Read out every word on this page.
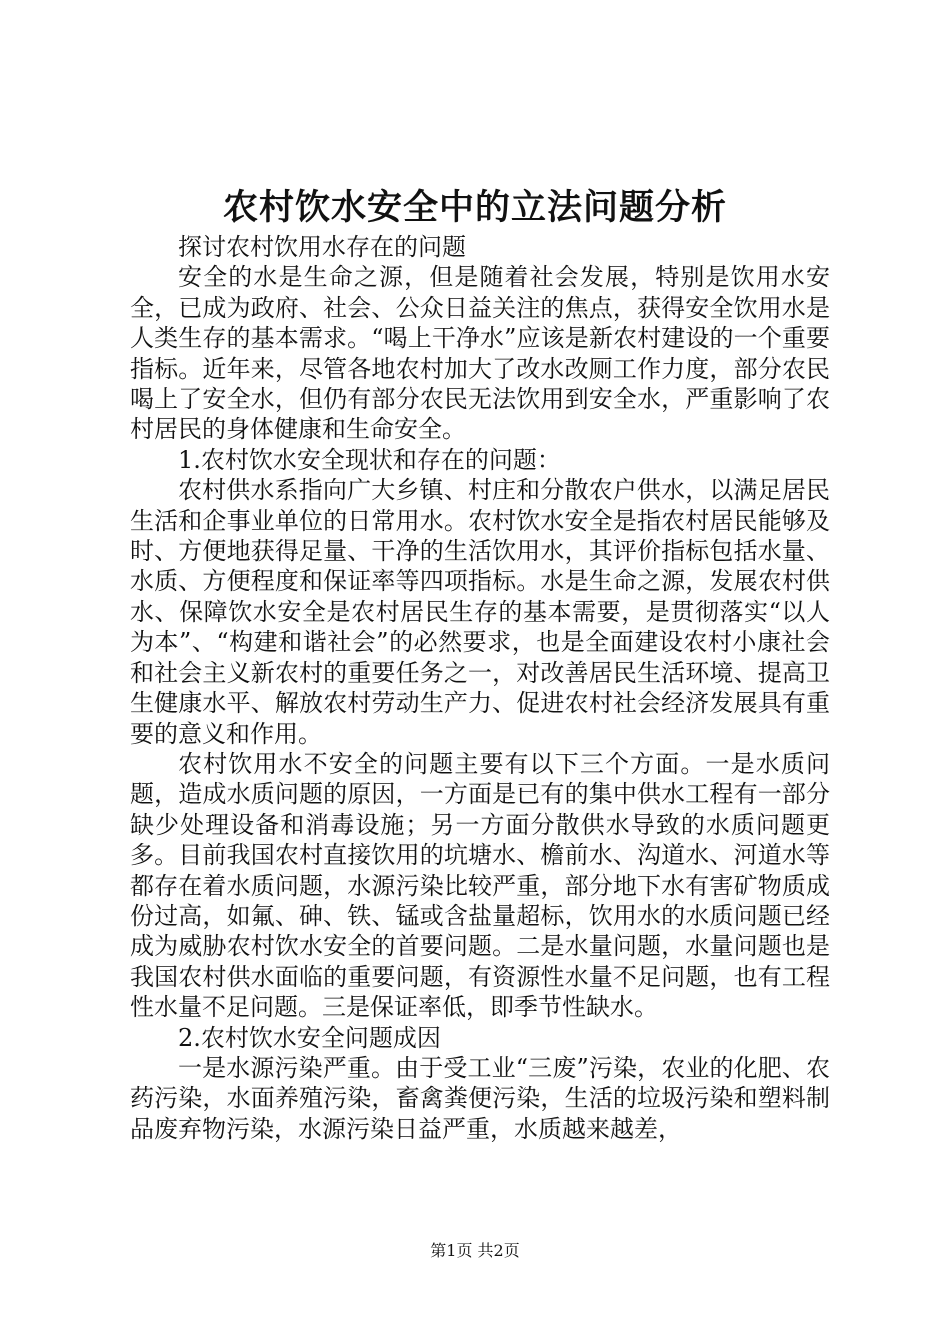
农村饮水安全中的立法问题分析

探讨农村饮用水存在的问题

安全的水是生命之源，但是随着社会发展，特别是饮用水安全，已成为政府、社会、公众日益关注的焦点，获得安全饮用水是人类生存的基本需求。“喝上干净水”应该是新农村建设的一个重要指标。近年来，尽管各地农村加大了改水改厕工作力度，部分农民喝上了安全水，但仍有部分农民无法饮用到安全水，严重影响了农村居民的身体健康和生命安全。

1.农村饮水安全现状和存在的问题：

农村供水系指向广大乡镇、村庄和分散农户供水，以满足居民生活和企事业单位的日常用水。农村饮水安全是指农村居民能够及时、方便地获得足量、干净的生活饮用水，其评价指标包括水量、水质、方便程度和保证率等四项指标。水是生命之源，发展农村供水、保障饮水安全是农村居民生存的基本需要，是贯彻落实“以人为本”、“构建和谐社会”的必然要求，也是全面建设农村小康社会和社会主义新农村的重要任务之一，对改善居民生活环境、提高卫生健康水平、解放农村劳动生产力、促进农村社会经济发展具有重要的意义和作用。

农村饮用水不安全的问题主要有以下三个方面。一是水质问题，造成水质问题的原因，一方面是已有的集中供水工程有一部分缺少处理设备和消毒设施；另一方面分散供水导致的水质问题更多。目前我国农村直接饮用的坑塘水、檐前水、沟道水、河道水等都存在着水质问题，水源污染比较严重，部分地下水有害矿物质成份过高，如氟、砷、铁、锰或含盐量超标，饮用水的水质问题已经成为威胁农村饮水安全的首要问题。二是水量问题，水量问题也是我国农村供水面临的重要问题，有资源性水量不足问题，也有工程性水量不足问题。三是保证率低，即季节性缺水。

2.农村饮水安全问题成因

一是水源污染严重。由于受工业“三废”污染，农业的化肥、农药污染，水面养殖污染，畜禽粪便污染，生活的垃圾污染和塑料制品废弃物污染，水源污染日益严重，水质越来越差，

第1页 共2页
